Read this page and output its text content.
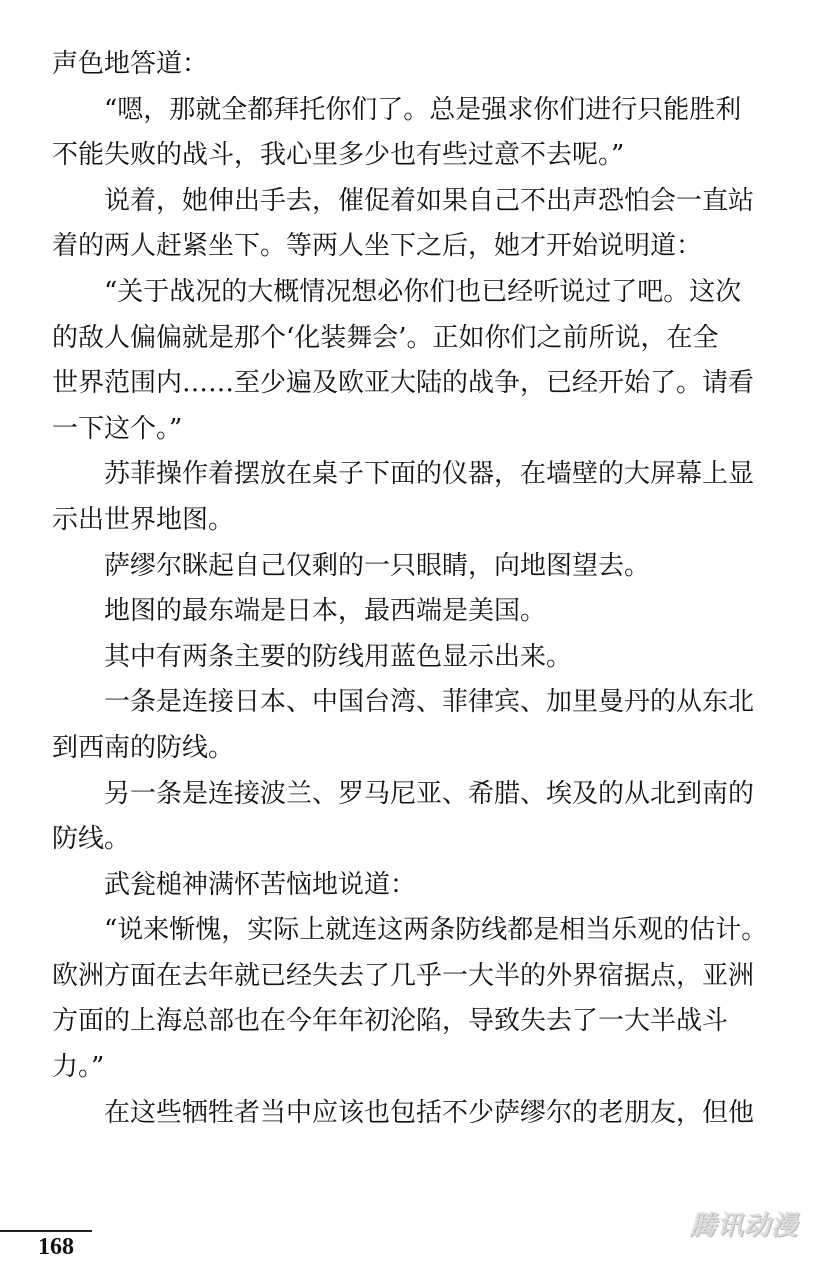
声色地答道：
　　“嗯，那就全都拜托你们了。总是强求你们进行只能胜利
不能失败的战斗，我心里多少也有些过意不去呢。”
　　说着，她伸出手去，催促着如果自己不出声恐怕会一直站
着的两人赶紧坐下。等两人坐下之后，她才开始说明道：
　　“关于战况的大概情况想必你们也已经听说过了吧。这次
的敌人偏偏就是那个‘化装舞会’。正如你们之前所说，在全
世界范围内……至少遍及欧亚大陆的战争，已经开始了。请看
一下这个。”
　　苏菲操作着摆放在桌子下面的仪器，在墙壁的大屏幕上显
示出世界地图。
　　萨缪尔眯起自己仅剩的一只眼睛，向地图望去。
　　地图的最东端是日本，最西端是美国。
　　其中有两条主要的防线用蓝色显示出来。
　　一条是连接日本、中国台湾、菲律宾、加里曼丹的从东北
到西南的防线。
　　另一条是连接波兰、罗马尼亚、希腊、埃及的从北到南的
防线。
　　武瓮槌神满怀苦恼地说道：
　　“说来惭愧，实际上就连这两条防线都是相当乐观的估计。
欧洲方面在去年就已经失去了几乎一大半的外界宿据点，亚洲
方面的上海总部也在今年年初沦陷，导致失去了一大半战斗
力。”
　　在这些牺牲者当中应该也包括不少萨缪尔的老朋友，但他
168
腾讯动漫
